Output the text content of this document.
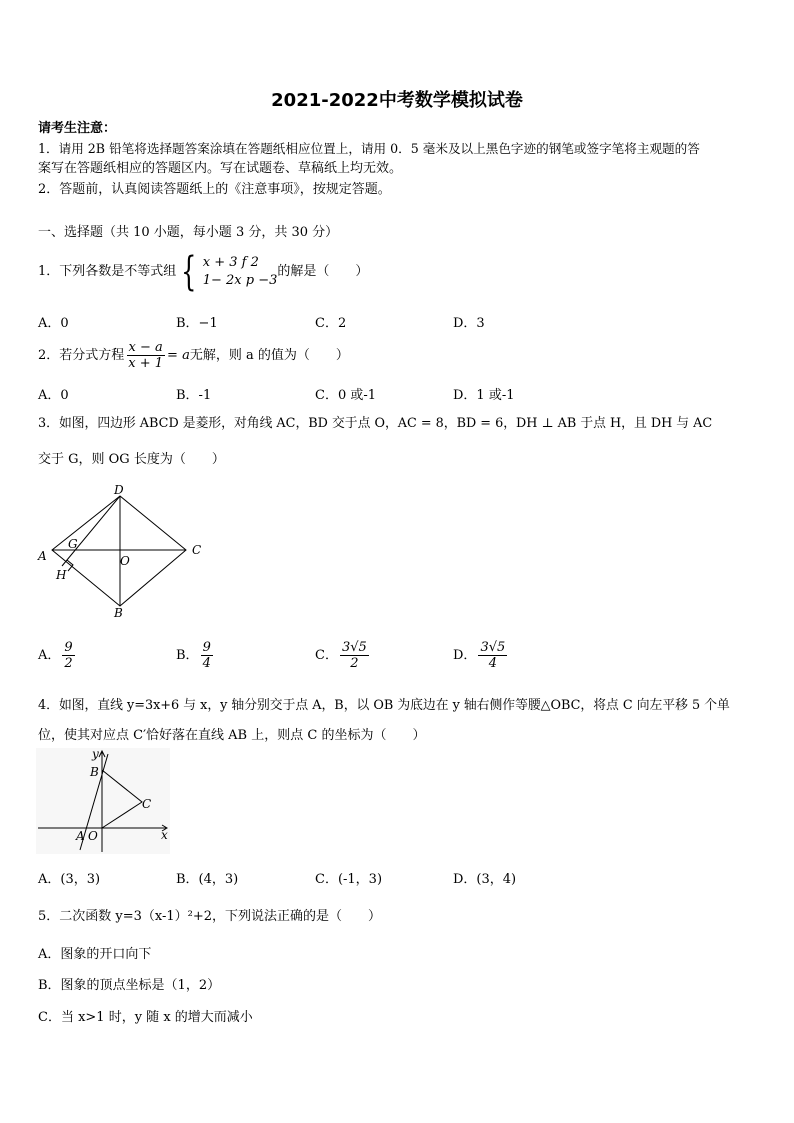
2021-2022中考数学模拟试卷
请考生注意：
1．请用 2B 铅笔将选择题答案涂填在答题纸相应位置上，请用 0．5 毫米及以上黑色字迹的钢笔或签字笔将主观题的答
案写在答题纸相应的答题区内。写在试题卷、草稿纸上均无效。
2．答题前，认真阅读答题纸上的《注意事项》，按规定答题。
一、选择题（共 10 小题，每小题 3 分，共 30 分）
1．下列各数是不等式组 { x + 3 f 2
1− 2x p −3
的解是（　　）
A．0	B．−1	C．2	D．3
2．若分式方程 $\frac{x - a}{x + 1} = a$无解，则 a 的值为（　　）
A．0	B．-1	C．0 或-1	D．1 或-1
3．如图，四边形 ABCD 是菱形，对角线 AC，BD 交于点 O，AC = 8，BD = 6，DH ⊥ AB 于点 H，且 DH 与 AC
交于 G，则 OG 长度为（　　）
D
A
G
O
C
H
B
A． $\frac{9}{2}$	B． $\frac{9}{4}$	C． $\frac{3√5}{2}$	D． $\frac{3√5}{4}$
4．如图，直线 y=3x+6 与 x，y 轴分别交于点 A，B，以 OB 为底边在 y 轴右侧作等腰△OBC，将点 C 向左平移 5 个单
位，使其对应点 C′恰好落在直线 AB 上，则点 C 的坐标为（　　）
y
B
C
A O	x
A．(3，3)	B．(4，3)	C．(-1，3)	D．(3，4)
5．二次函数 y=3（x-1）²+2，下列说法正确的是（　　）
A．图象的开口向下
B．图象的顶点坐标是（1，2）
C．当 x>1 时，y 随 x 的增大而减小
